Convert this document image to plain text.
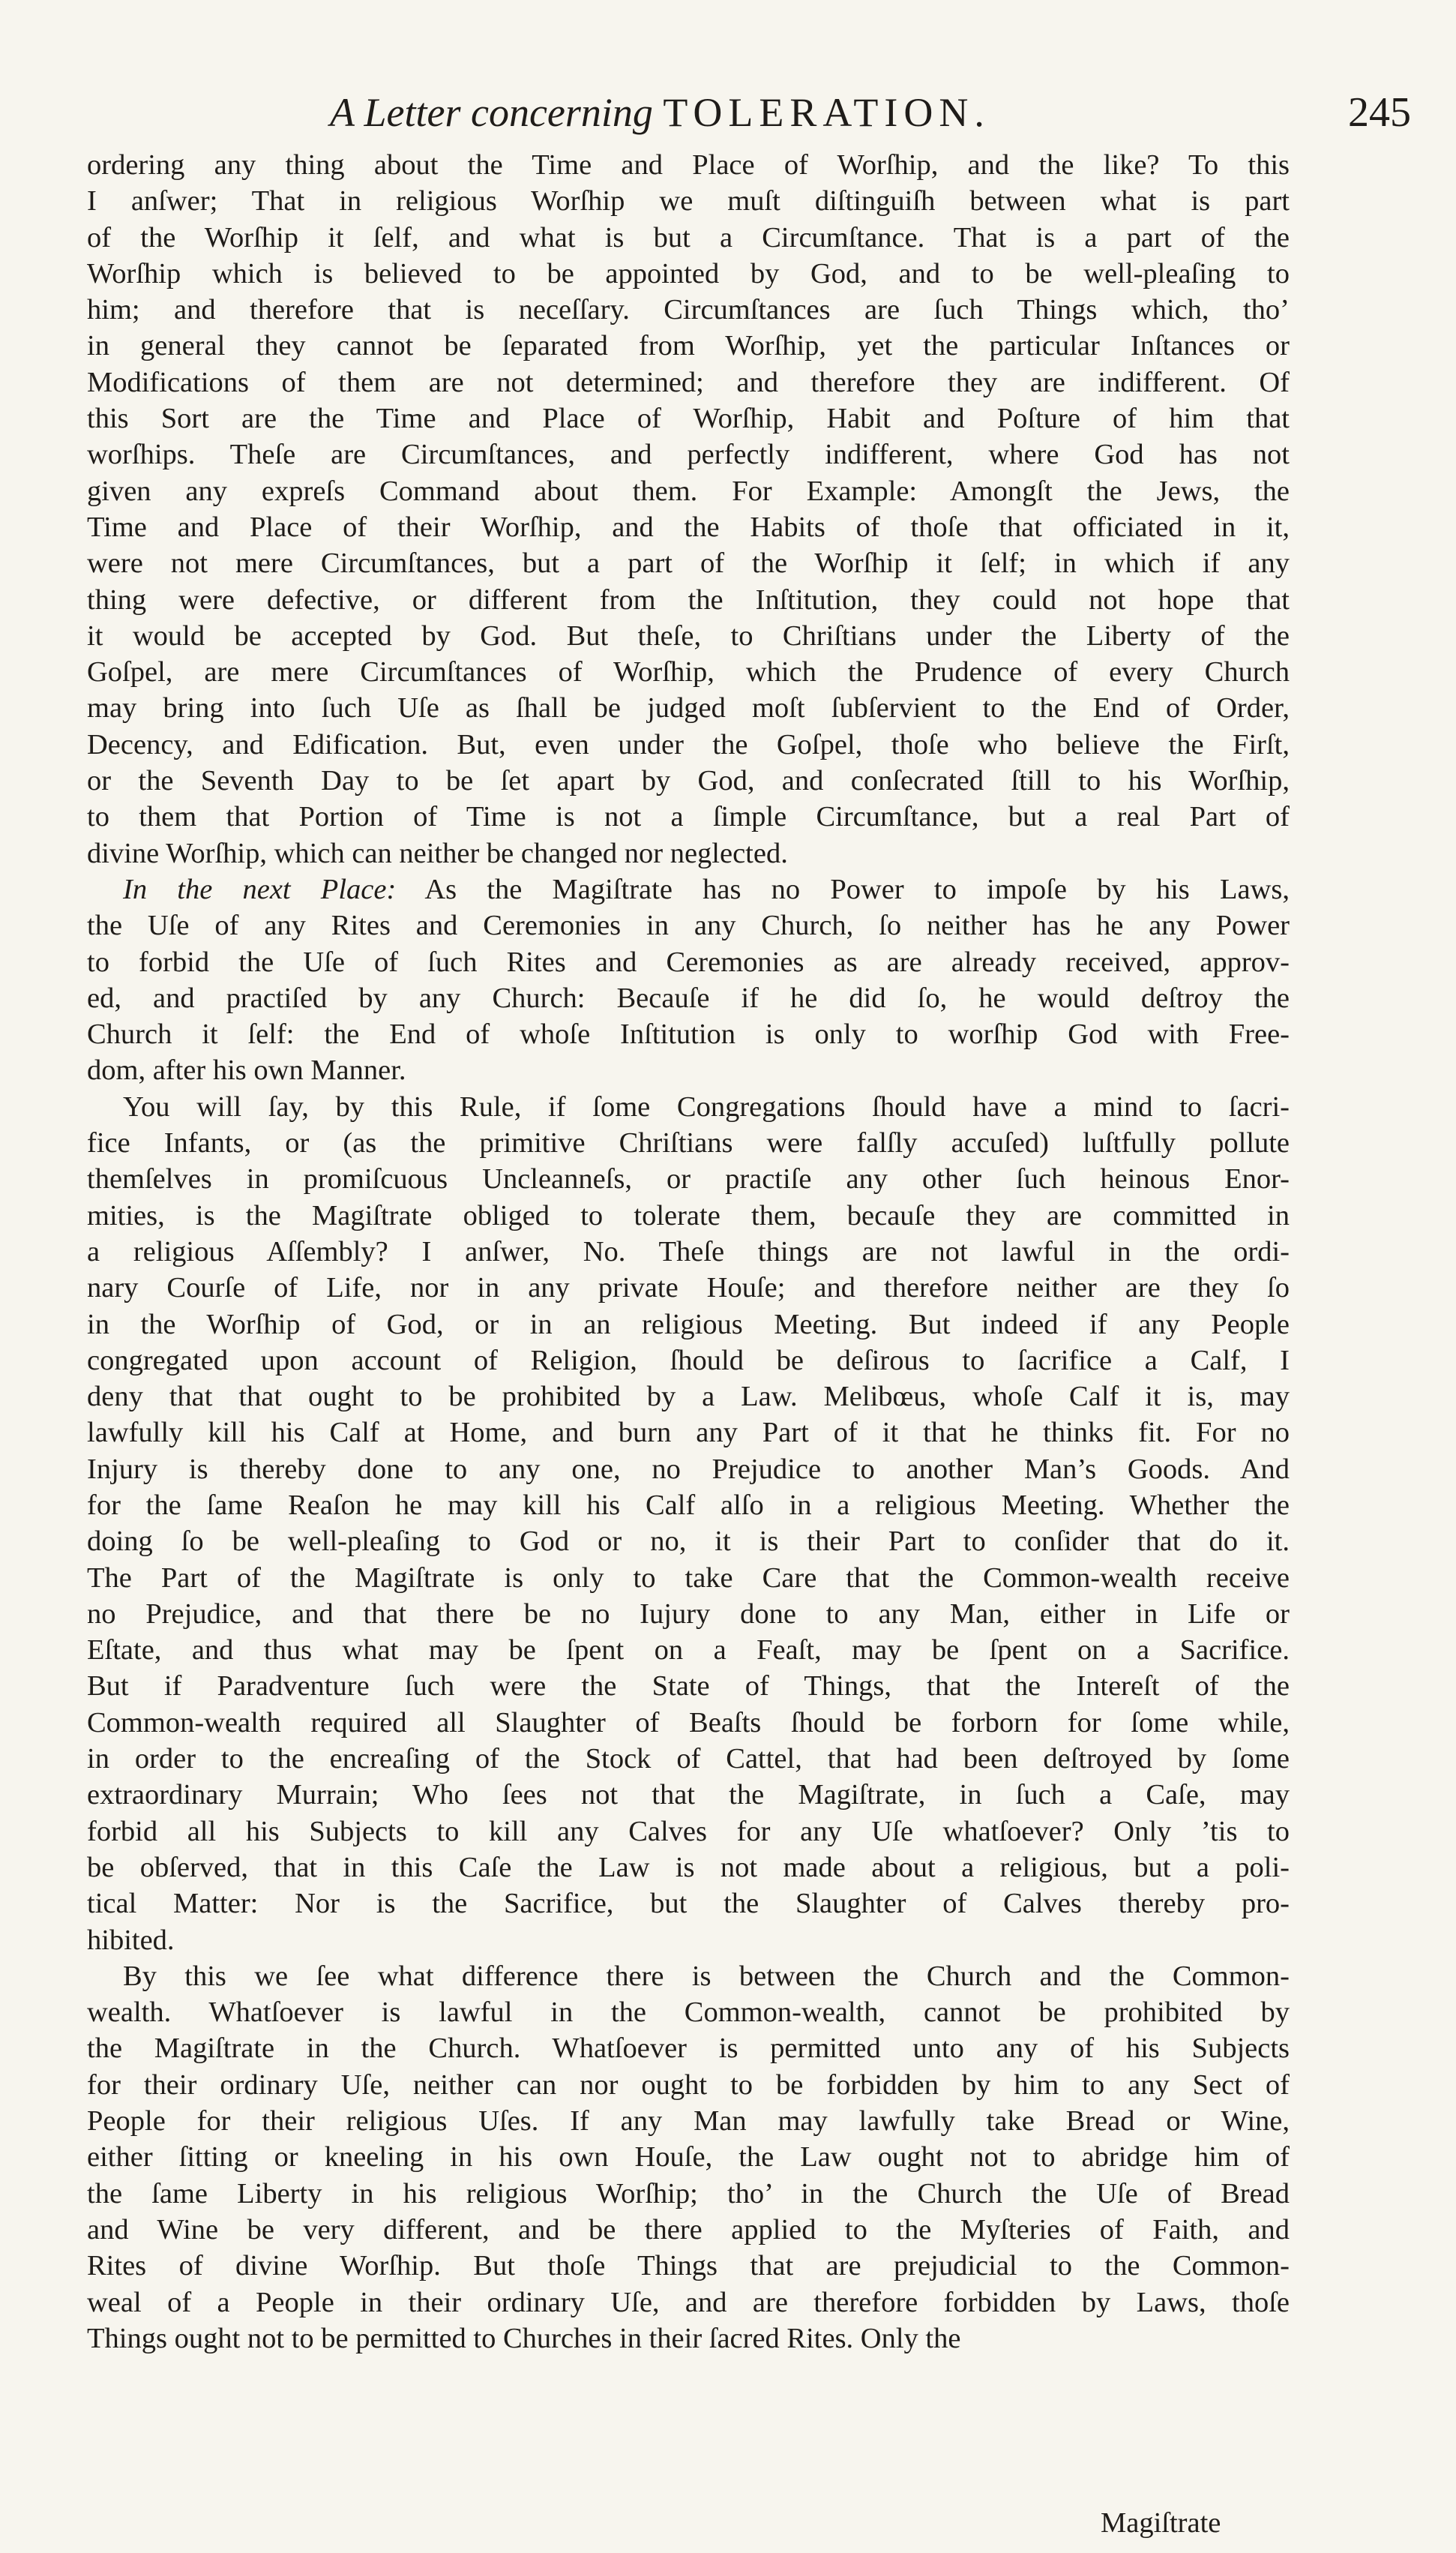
A Letter concerning TOLERATION.	245
ordering any thing about the Time and Place of Worſhip, and the like? To this
I anſwer; That in religious Worſhip we muſt diſtinguiſh between what is part
of the Worſhip it ſelf, and what is but a Circumſtance. That is a part of the
Worſhip which is believed to be appointed by God, and to be well-pleaſing to
him; and therefore that is neceſſary. Circumſtances are ſuch Things which, tho’
in general they cannot be ſeparated from Worſhip, yet the particular Inſtances or
Modifications of them are not determined; and therefore they are indifferent. Of
this Sort are the Time and Place of Worſhip, Habit and Poſture of him that
worſhips. Theſe are Circumſtances, and perfectly indifferent, where God has not
given any expreſs Command about them. For Example: Amongſt the Jews, the
Time and Place of their Worſhip, and the Habits of thoſe that officiated in it,
were not mere Circumſtances, but a part of the Worſhip it ſelf; in which if any
thing were defective, or different from the Inſtitution, they could not hope that
it would be accepted by God. But theſe, to Chriſtians under the Liberty of the
Goſpel, are mere Circumſtances of Worſhip, which the Prudence of every Church
may bring into ſuch Uſe as ſhall be judged moſt ſubſervient to the End of Order,
Decency, and Edification. But, even under the Goſpel, thoſe who believe the Firſt,
or the Seventh Day to be ſet apart by God, and conſecrated ſtill to his Worſhip,
to them that Portion of Time is not a ſimple Circumſtance, but a real Part of
divine Worſhip, which can neither be changed nor neglected.
In the next Place: As the Magiſtrate has no Power to impoſe by his Laws,
the Uſe of any Rites and Ceremonies in any Church, ſo neither has he any Power
to forbid the Uſe of ſuch Rites and Ceremonies as are already received, approv-
ed, and practiſed by any Church: Becauſe if he did ſo, he would deſtroy the
Church it ſelf: the End of whoſe Inſtitution is only to worſhip God with Free-
dom, after his own Manner.
You will ſay, by this Rule, if ſome Congregations ſhould have a mind to ſacri-
fice Infants, or (as the primitive Chriſtians were falſly accuſed) luſtfully pollute
themſelves in promiſcuous Uncleanneſs, or practiſe any other ſuch heinous Enor-
mities, is the Magiſtrate obliged to tolerate them, becauſe they are committed in
a religious Aſſembly? I anſwer, No. Theſe things are not lawful in the ordi-
nary Courſe of Life, nor in any private Houſe; and therefore neither are they ſo
in the Worſhip of God, or in an religious Meeting. But indeed if any People
congregated upon account of Religion, ſhould be deſirous to ſacrifice a Calf, I
deny that that ought to be prohibited by a Law. Melibœus, whoſe Calf it is, may
lawfully kill his Calf at Home, and burn any Part of it that he thinks fit. For no
Injury is thereby done to any one, no Prejudice to another Man’s Goods. And
for the ſame Reaſon he may kill his Calf alſo in a religious Meeting. Whether the
doing ſo be well-pleaſing to God or no, it is their Part to conſider that do it.
The Part of the Magiſtrate is only to take Care that the Common-wealth receive
no Prejudice, and that there be no Iujury done to any Man, either in Life or
Eſtate, and thus what may be ſpent on a Feaſt, may be ſpent on a Sacrifice.
But if Paradventure ſuch were the State of Things, that the Intereſt of the
Common-wealth required all Slaughter of Beaſts ſhould be forborn for ſome while,
in order to the encreaſing of the Stock of Cattel, that had been deſtroyed by ſome
extraordinary Murrain; Who ſees not that the Magiſtrate, in ſuch a Caſe, may
forbid all his Subjects to kill any Calves for any Uſe whatſoever? Only ’tis to
be obſerved, that in this Caſe the Law is not made about a religious, but a poli-
tical Matter: Nor is the Sacrifice, but the Slaughter of Calves thereby pro-
hibited.
By this we ſee what difference there is between the Church and the Common-
wealth. Whatſoever is lawful in the Common-wealth, cannot be prohibited by
the Magiſtrate in the Church. Whatſoever is permitted unto any of his Subjects
for their ordinary Uſe, neither can nor ought to be forbidden by him to any Sect of
People for their religious Uſes. If any Man may lawfully take Bread or Wine,
either ſitting or kneeling in his own Houſe, the Law ought not to abridge him of
the ſame Liberty in his religious Worſhip; tho’ in the Church the Uſe of Bread
and Wine be very different, and be there applied to the Myſteries of Faith, and
Rites of divine Worſhip. But thoſe Things that are prejudicial to the Common-
weal of a People in their ordinary Uſe, and are therefore forbidden by Laws, thoſe
Things ought not to be permitted to Churches in their ſacred Rites. Only the
Magiſtrate
